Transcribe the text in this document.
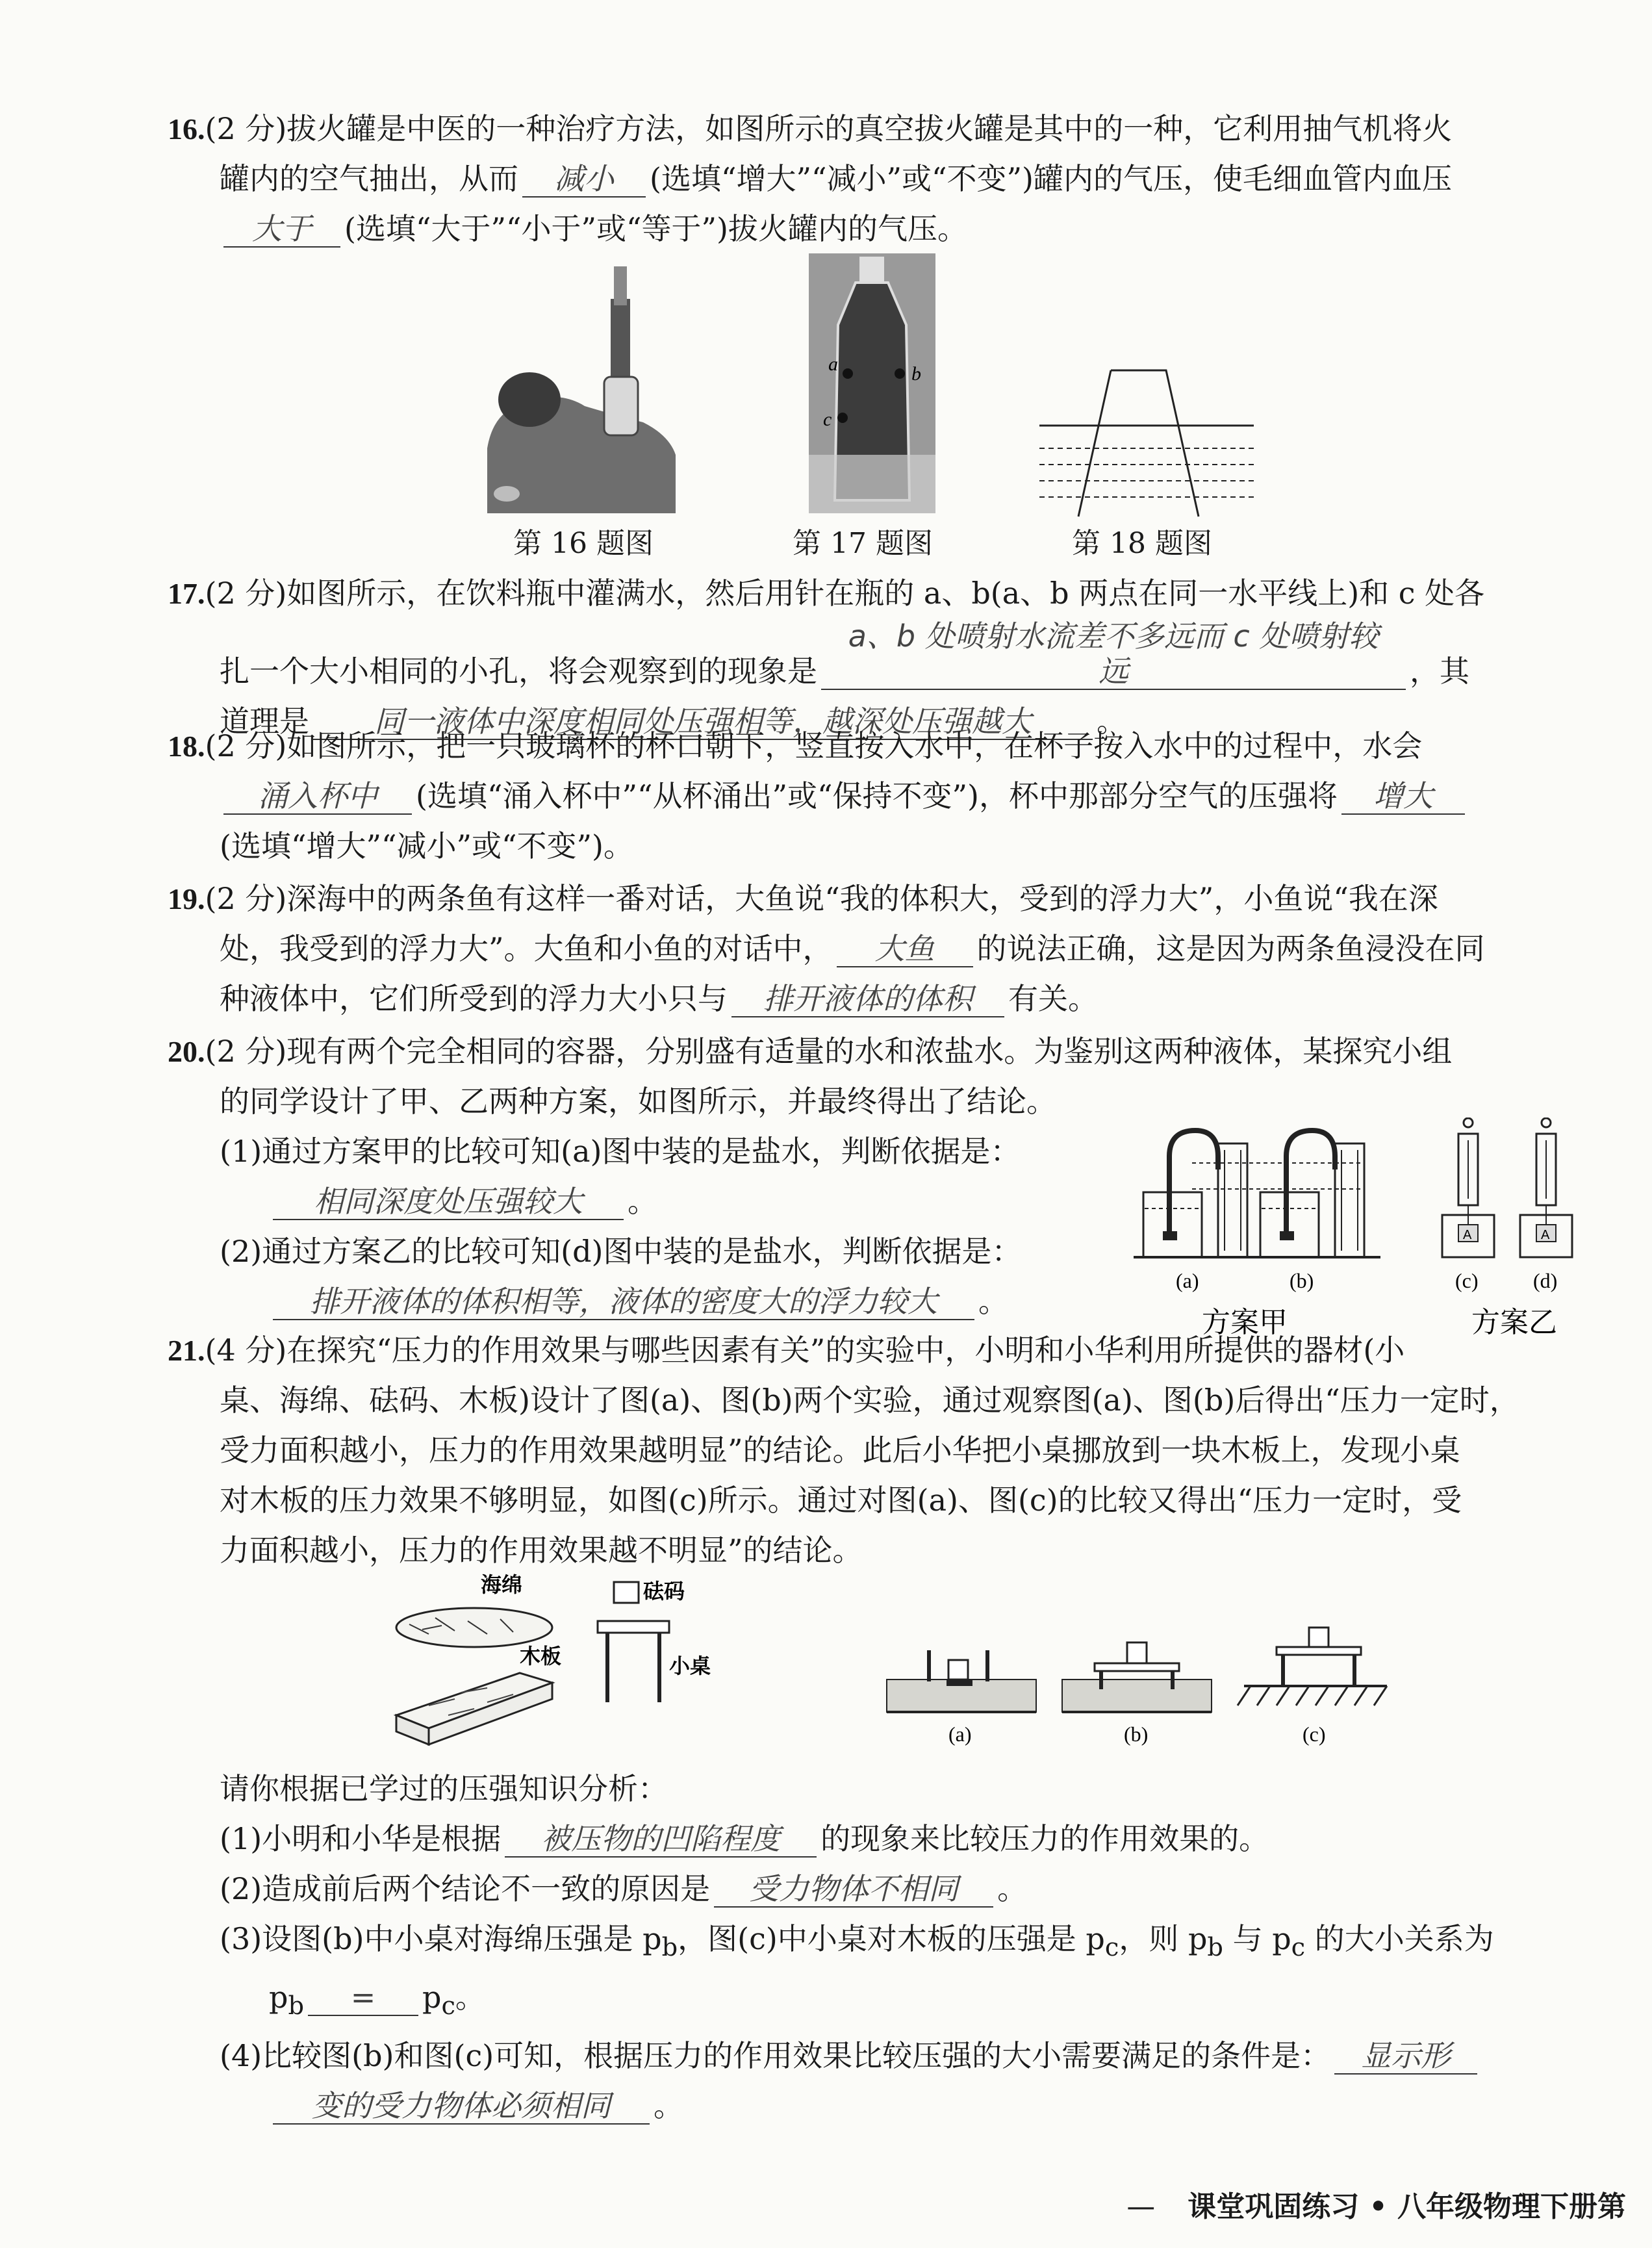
16.(2 分)拔火罐是中医的一种治疗方法，如图所示的真空拔火罐是其中的一种，它利用抽气机将火
罐内的空气抽出，从而 减小 (选填“增大”“减小”或“不变”)罐内的气压，使毛细血管内血压
大于 (选填“大于”“小于”或“等于”)拔火罐内的气压。
a	b
c
第 16 题图	第 17 题图	第 18 题图
17.(2 分)如图所示，在饮料瓶中灌满水，然后用针在瓶的 a、b(a、b 两点在同一水平线上)和 c 处各
扎一个大小相同的小孔，将会观察到的现象是a、b 处喷射水流差不多远而 c 处喷射较远	，其
道理是 同一液体中深度相同处压强相等，越深处压强越大 。
18.(2 分)如图所示，把一只玻璃杯的杯口朝下，竖直按入水中，在杯子按入水中的过程中，水会
涌入杯中 (选填“涌入杯中”“从杯涌出”或“保持不变”)，杯中那部分空气的压强将 增大
(选填“增大”“减小”或“不变”)。
19.(2 分)深海中的两条鱼有这样一番对话，大鱼说“我的体积大，受到的浮力大”，小鱼说“我在深
处，我受到的浮力大”。大鱼和小鱼的对话中， 大鱼 的说法正确，这是因为两条鱼浸没在同
种液体中，它们所受到的浮力大小只与 排开液体的体积 有关。
20.(2 分)现有两个完全相同的容器，分别盛有适量的水和浓盐水。为鉴别这两种液体，某探究小组
的同学设计了甲、乙两种方案，如图所示，并最终得出了结论。
(1)通过方案甲的比较可知(a)图中装的是盐水，判断依据是：
相同深度处压强较大 。
(2)通过方案乙的比较可知(d)图中装的是盐水，判断依据是：
排开液体的体积相等，液体的密度大的浮力较大 。
A	A
(a)	(b)	(c)	(d)
方案甲	方案乙
21.(4 分)在探究“压力的作用效果与哪些因素有关”的实验中，小明和小华利用所提供的器材(小
桌、海绵、砝码、木板)设计了图(a)、图(b)两个实验，通过观察图(a)、图(b)后得出“压力一定时，
受力面积越小，压力的作用效果越明显”的结论。此后小华把小桌挪放到一块木板上，发现小桌
对木板的压力效果不够明显，如图(c)所示。通过对图(a)、图(c)的比较又得出“压力一定时，受
力面积越小，压力的作用效果越不明显”的结论。
海绵	砝码
小桌
木板
(a)	(b)	(c)
请你根据已学过的压强知识分析：
(1)小明和小华是根据 被压物的凹陷程度 的现象来比较压力的作用效果的。
(2)造成前后两个结论不一致的原因是 受力物体不相同 。
(3)设图(b)中小桌对海绵压强是 $p_b$，图(c)中小桌对木板的压强是 $p_c$，则 $p_b$ 与 $p_c$ 的大小关系为
$p_b = p_c$。
(4)比较图(b)和图(c)可知，根据压力的作用效果比较压强的大小需要满足的条件是： 显示形
变的受力物体必须相同 。
— 课堂巩固练习 • 八年级物理下册第
